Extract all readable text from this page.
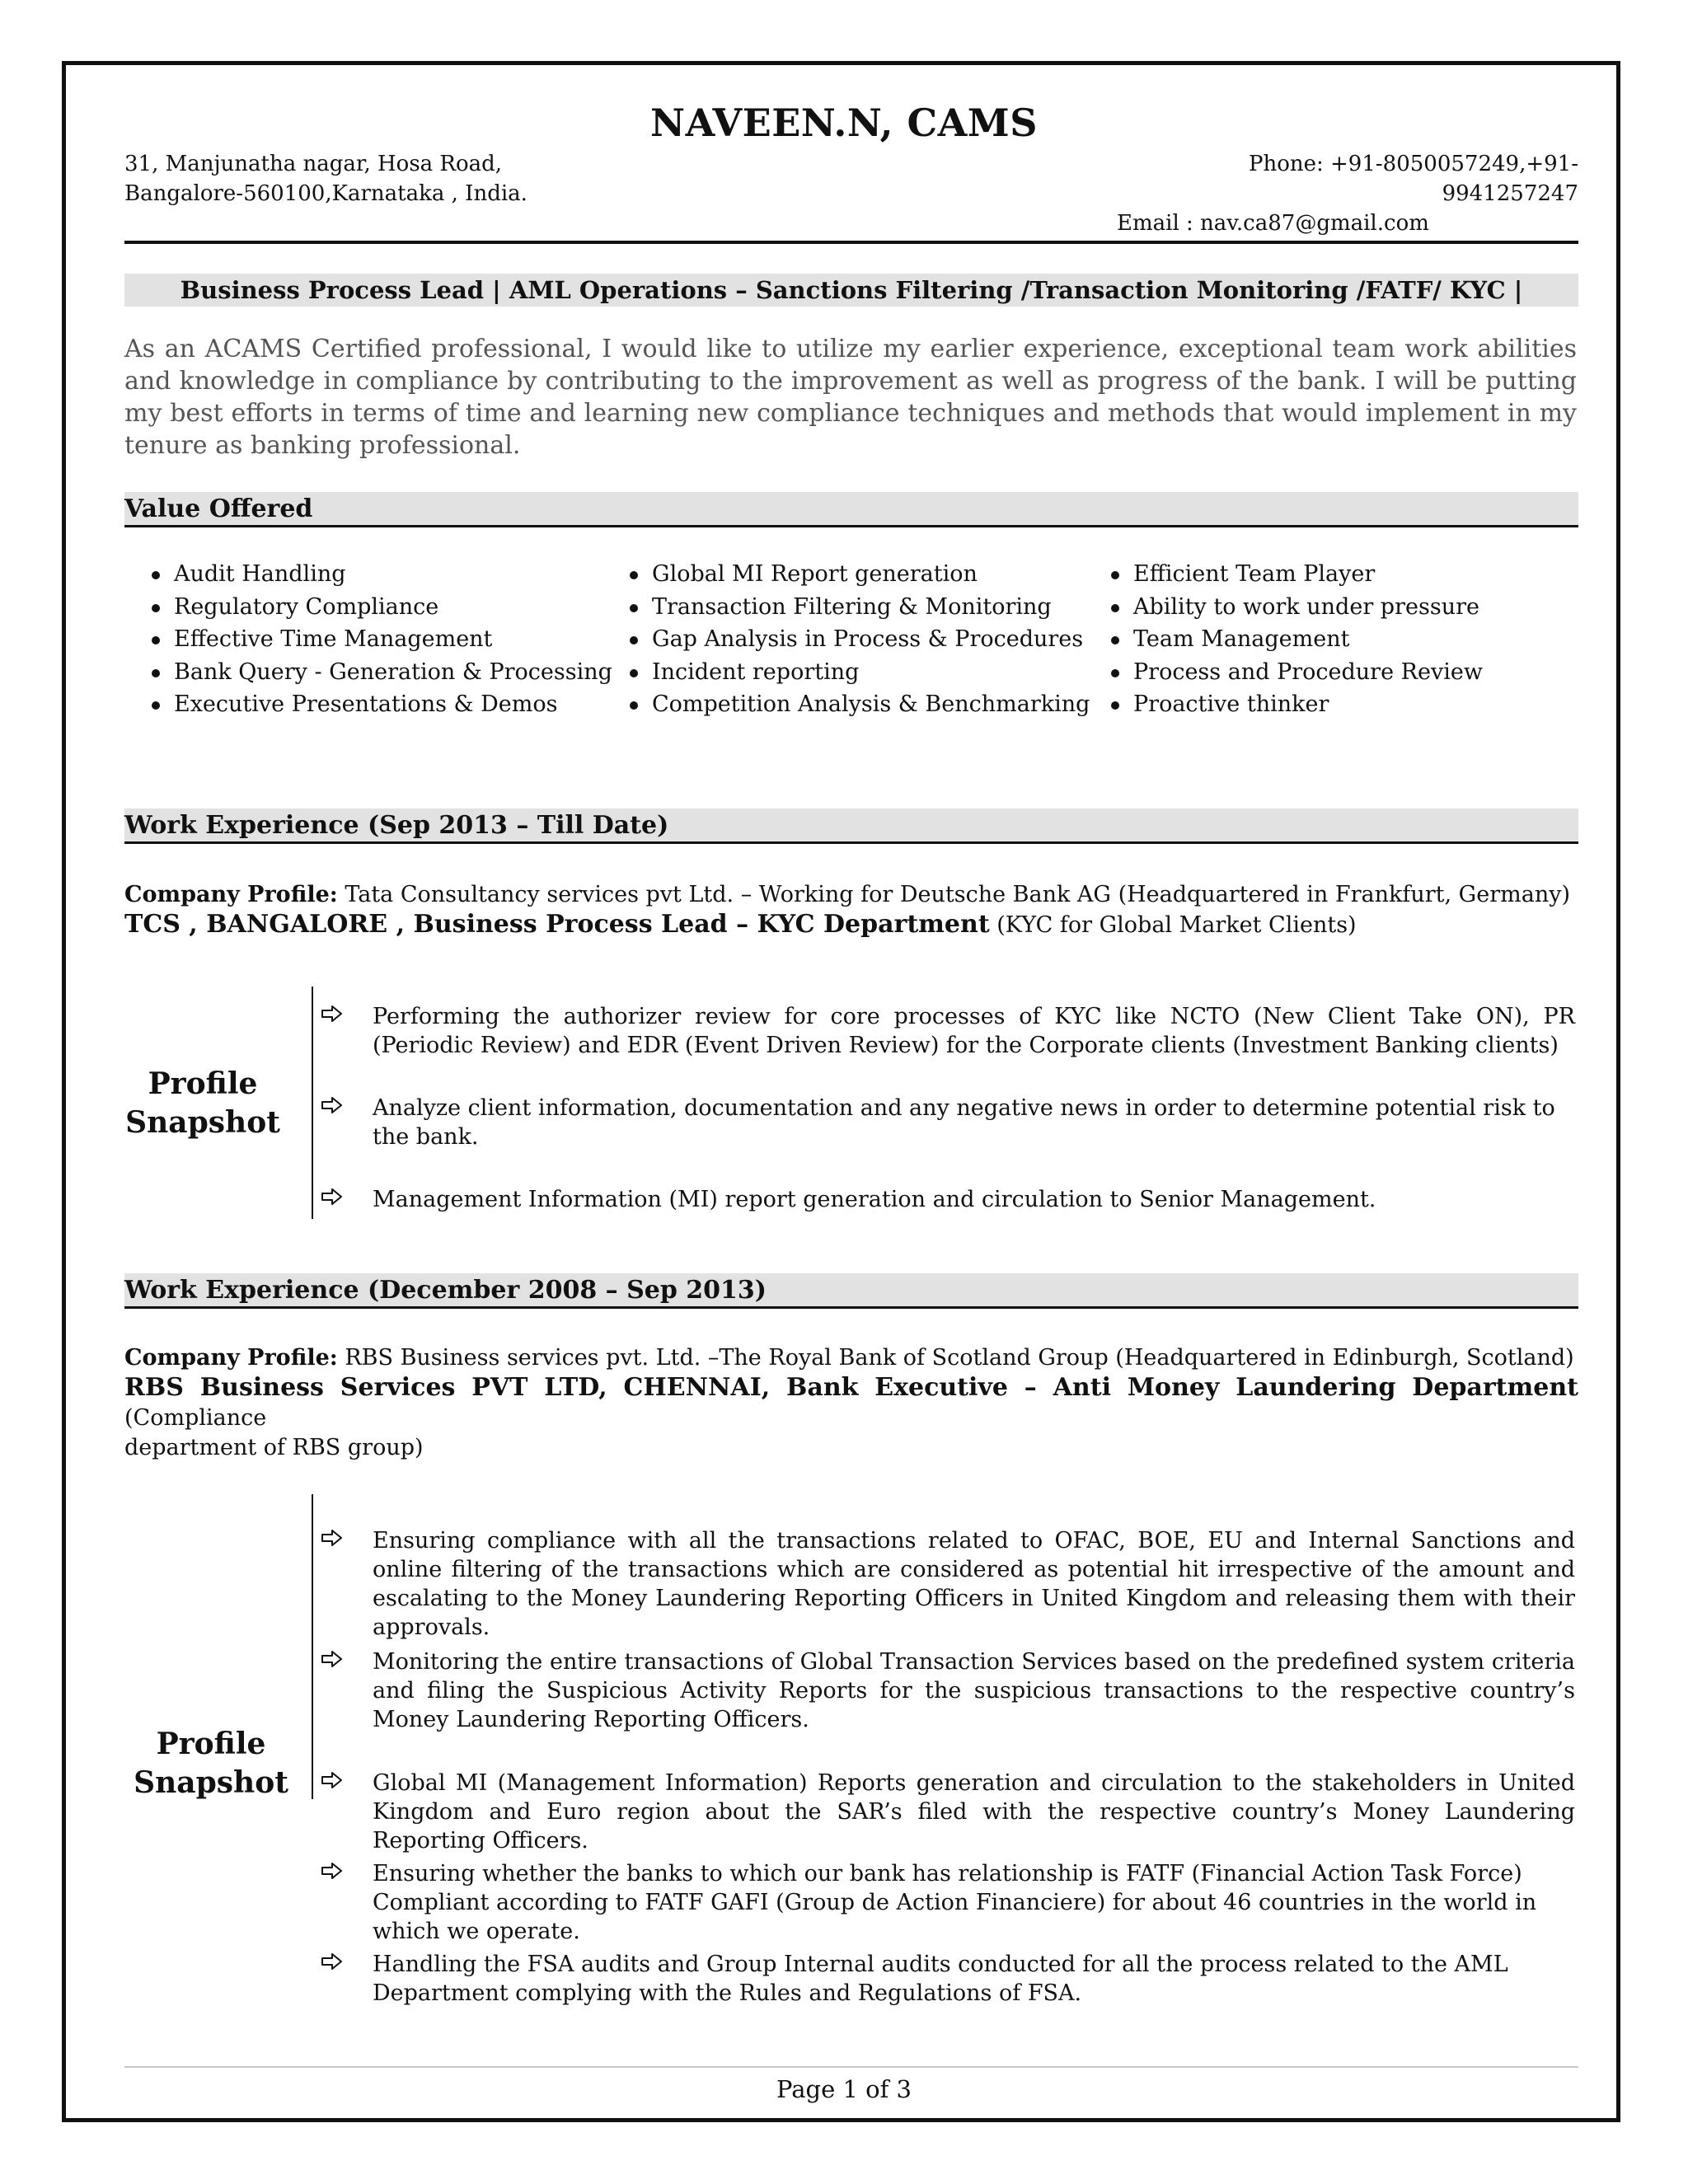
NAVEEN.N, CAMS
31, Manjunatha nagar, Hosa Road,
Bangalore-560100,Karnataka , India.
Phone: +91-8050057249,+91-9941257247
Email : nav.ca87@gmail.com
Business Process Lead | AML Operations – Sanctions Filtering /Transaction Monitoring /FATF/ KYC |
As an ACAMS Certified professional, I would like to utilize my earlier experience, exceptional team work abilities and knowledge in compliance by contributing to the improvement as well as progress of the bank. I will be putting my best efforts in terms of time and learning new compliance techniques and methods that would implement in my tenure as banking professional.
Value Offered
Audit Handling
Regulatory Compliance
Effective Time Management
Bank Query - Generation & Processing
Executive Presentations & Demos
Global MI Report generation
Transaction Filtering & Monitoring
Gap Analysis in Process & Procedures
Incident reporting
Competition Analysis & Benchmarking
Efficient Team Player
Ability to work under pressure
Team Management
Process and Procedure Review
Proactive thinker
Work Experience (Sep 2013 – Till Date)
Company Profile: Tata Consultancy services pvt Ltd. – Working for Deutsche Bank AG (Headquartered in Frankfurt, Germany)
TCS , BANGALORE , Business Process Lead – KYC Department (KYC for Global Market Clients)
Profile
Snapshot
Performing the authorizer review for core processes of KYC like NCTO (New Client Take ON), PR (Periodic Review) and EDR (Event Driven Review) for the Corporate clients (Investment Banking clients)
Analyze client information, documentation and any negative news in order to determine potential risk to the bank.
Management Information (MI) report generation and circulation to Senior Management.
Work Experience (December 2008 – Sep 2013)
Company Profile: RBS Business services pvt. Ltd. –The Royal Bank of Scotland Group (Headquartered in Edinburgh, Scotland)
RBS Business Services PVT LTD, CHENNAI, Bank Executive – Anti Money Laundering Department (Compliance
department of RBS group)
Profile
Snapshot
Ensuring compliance with all the transactions related to OFAC, BOE, EU and Internal Sanctions and online filtering of the transactions which are considered as potential hit irrespective of the amount and escalating to the Money Laundering Reporting Officers in United Kingdom and releasing them with their approvals.
Monitoring the entire transactions of Global Transaction Services based on the predefined system criteria and filing the Suspicious Activity Reports for the suspicious transactions to the respective country’s Money Laundering Reporting Officers.
Global MI (Management Information) Reports generation and circulation to the stakeholders in United Kingdom and Euro region about the SAR’s filed with the respective country’s Money Laundering Reporting Officers.
Ensuring whether the banks to which our bank has relationship is FATF (Financial Action Task Force) Compliant according to FATF GAFI (Group de Action Financiere) for about 46 countries in the world in which we operate.
Handling the FSA audits and Group Internal audits conducted for all the process related to the AML Department complying with the Rules and Regulations of FSA.
Page 1 of 3
